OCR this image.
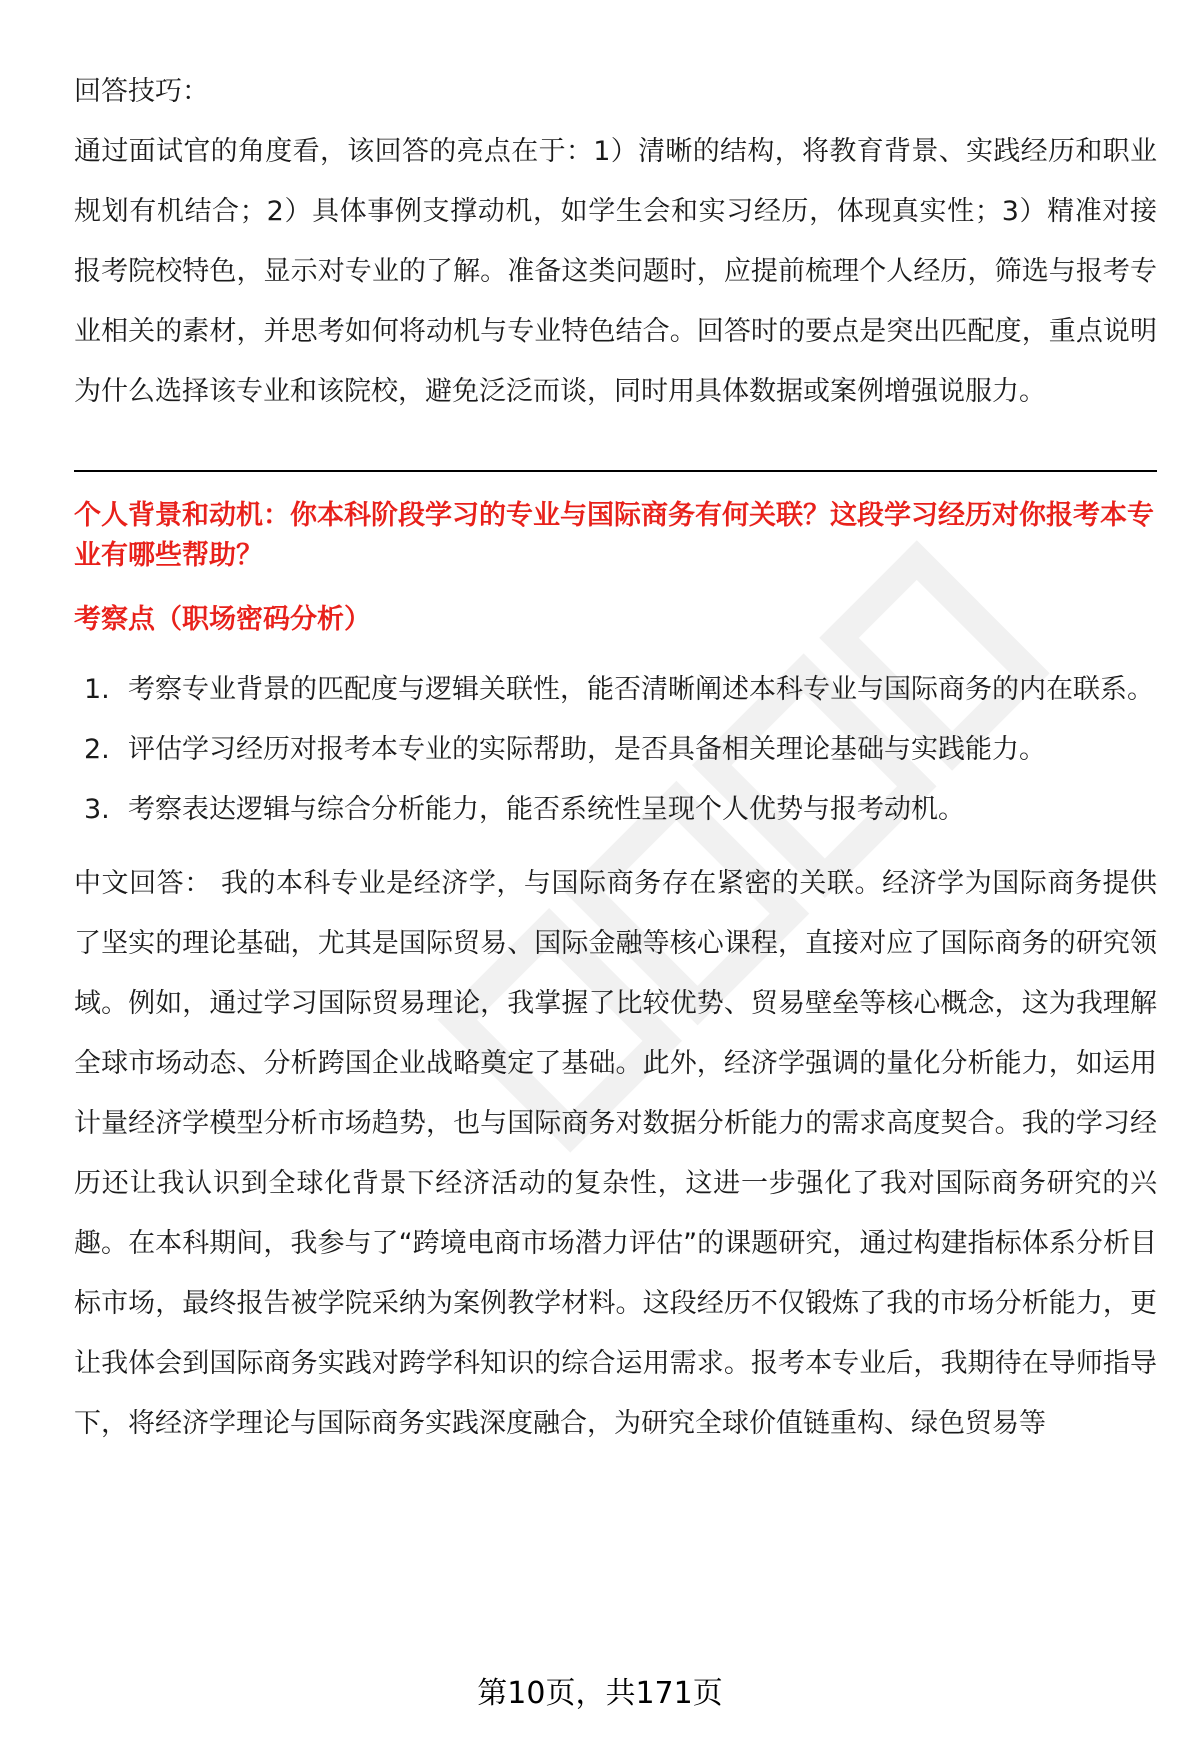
回答技巧：
通过面试官的角度看，该回答的亮点在于：1）清晰的结构，将教育背景、实践经历和职业规划有机结合；2）具体事例支撑动机，如学生会和实习经历，体现真实性；3）精准对接报考院校特色，显示对专业的了解。准备这类问题时，应提前梳理个人经历，筛选与报考专业相关的素材，并思考如何将动机与专业特色结合。回答时的要点是突出匹配度，重点说明为什么选择该专业和该院校，避免泛泛而谈，同时用具体数据或案例增强说服力。

个人背景和动机：你本科阶段学习的专业与国际商务有何关联？这段学习经历对你报考本专业有哪些帮助？

考察点（职场密码分析）

1. 考察专业背景的匹配度与逻辑关联性，能否清晰阐述本科专业与国际商务的内在联系。
2. 评估学习经历对报考本专业的实际帮助，是否具备相关理论基础与实践能力。
3. 考察表达逻辑与综合分析能力，能否系统性呈现个人优势与报考动机。

中文回答： 我的本科专业是经济学，与国际商务存在紧密的关联。经济学为国际商务提供了坚实的理论基础，尤其是国际贸易、国际金融等核心课程，直接对应了国际商务的研究领域。例如，通过学习国际贸易理论，我掌握了比较优势、贸易壁垒等核心概念，这为我理解全球市场动态、分析跨国企业战略奠定了基础。此外，经济学强调的量化分析能力，如运用计量经济学模型分析市场趋势，也与国际商务对数据分析能力的需求高度契合。我的学习经历还让我认识到全球化背景下经济活动的复杂性，这进一步强化了我对国际商务研究的兴趣。在本科期间，我参与了“跨境电商市场潜力评估”的课题研究，通过构建指标体系分析目标市场，最终报告被学院采纳为案例教学材料。这段经历不仅锻炼了我的市场分析能力，更让我体会到国际商务实践对跨学科知识的综合运用需求。报考本专业后，我期待在导师指导下，将经济学理论与国际商务实践深度融合，为研究全球价值链重构、绿色贸易等

第10页，共171页
